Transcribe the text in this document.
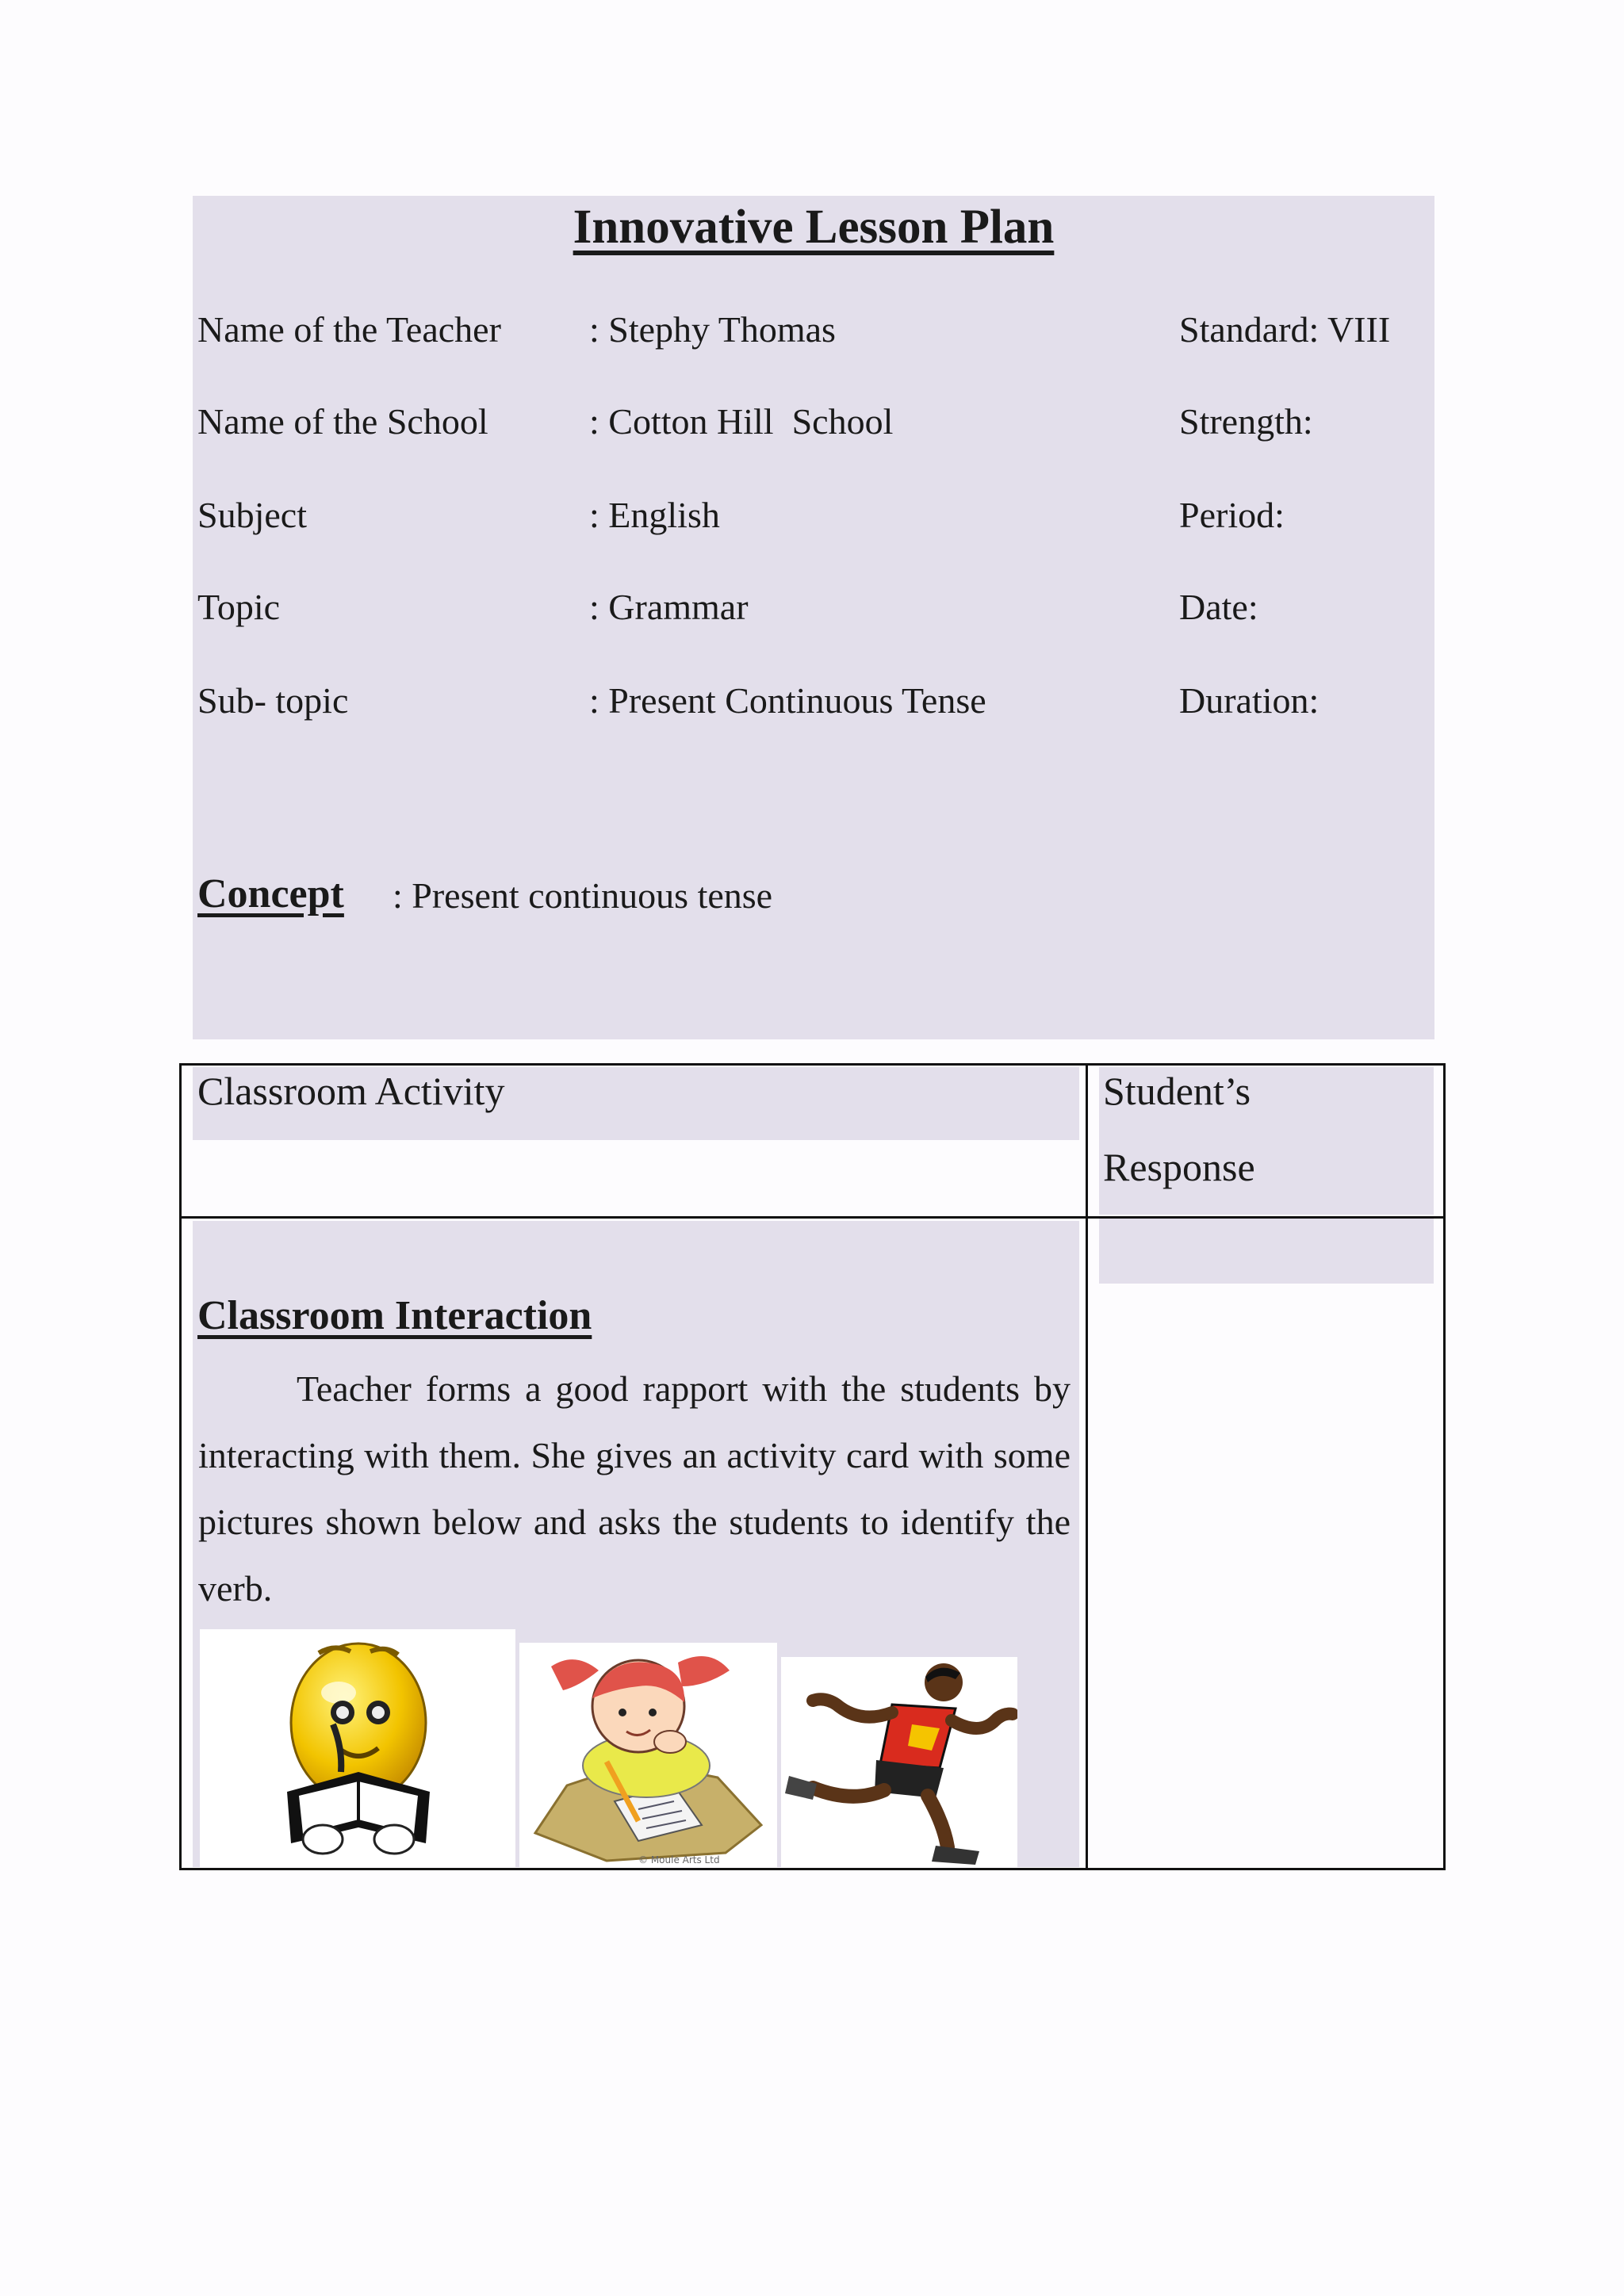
Innovative Lesson Plan
Name of the Teacher : Stephy Thomas	Standard: VIII
Name of the School	: Cotton Hill  School	Strength:
Subject	: English	Period:
Topic	: Grammar	Date:
Sub- topic	: Present Continuous Tense	Duration:
Concept : Present continuous tense
Classroom Activity	Student’s
Response
Classroom Interaction

Teacher forms a good rapport with the students by interacting with them. She gives an activity card with some pictures shown below and asks the students to identify the verb.

© Moule Arts Ltd
